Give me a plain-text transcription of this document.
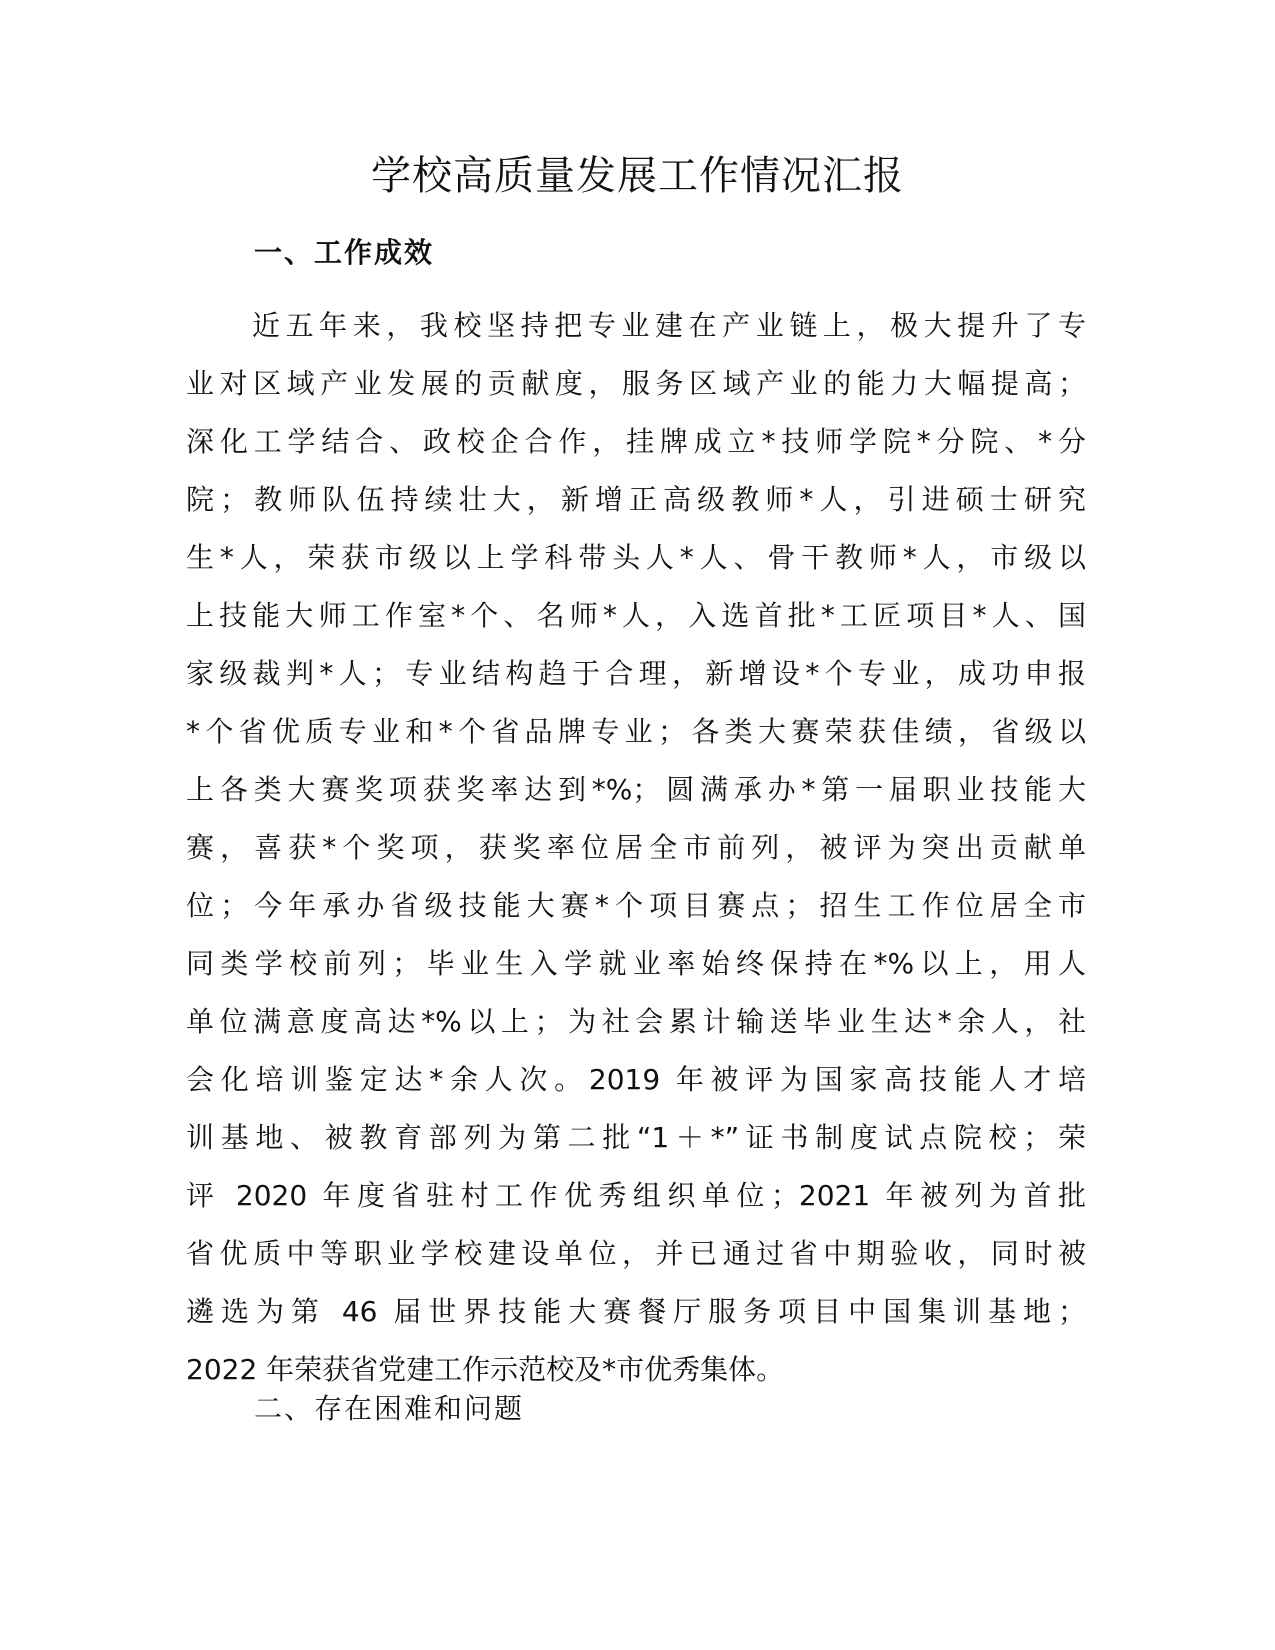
学校高质量发展工作情况汇报
一、工作成效
近五年来，我校坚持把专业建在产业链上，极大提升了专
业对区域产业发展的贡献度，服务区域产业的能力大幅提高；
深化工学结合、政校企合作，挂牌成立*技师学院*分院、*分
院；教师队伍持续壮大，新增正高级教师*人，引进硕士研究
生*人，荣获市级以上学科带头人*人、骨干教师*人，市级以
上技能大师工作室*个、名师*人，入选首批*工匠项目*人、国
家级裁判*人；专业结构趋于合理，新增设*个专业，成功申报
*个省优质专业和*个省品牌专业；各类大赛荣获佳绩，省级以
上各类大赛奖项获奖率达到*%；圆满承办*第一届职业技能大
赛，喜获*个奖项，获奖率位居全市前列，被评为突出贡献单
位；今年承办省级技能大赛*个项目赛点；招生工作位居全市
同类学校前列；毕业生入学就业率始终保持在*%以上，用人
单位满意度高达*%以上；为社会累计输送毕业生达*余人，社
会化培训鉴定达*余人次。2019 年被评为国家高技能人才培
训基地、被教育部列为第二批“1＋*”证书制度试点院校；荣
评 2020 年度省驻村工作优秀组织单位；2021 年被列为首批
省优质中等职业学校建设单位，并已通过省中期验收，同时被
遴选为第 46 届世界技能大赛餐厅服务项目中国集训基地；
2022 年荣获省党建工作示范校及*市优秀集体。
二、存在困难和问题
